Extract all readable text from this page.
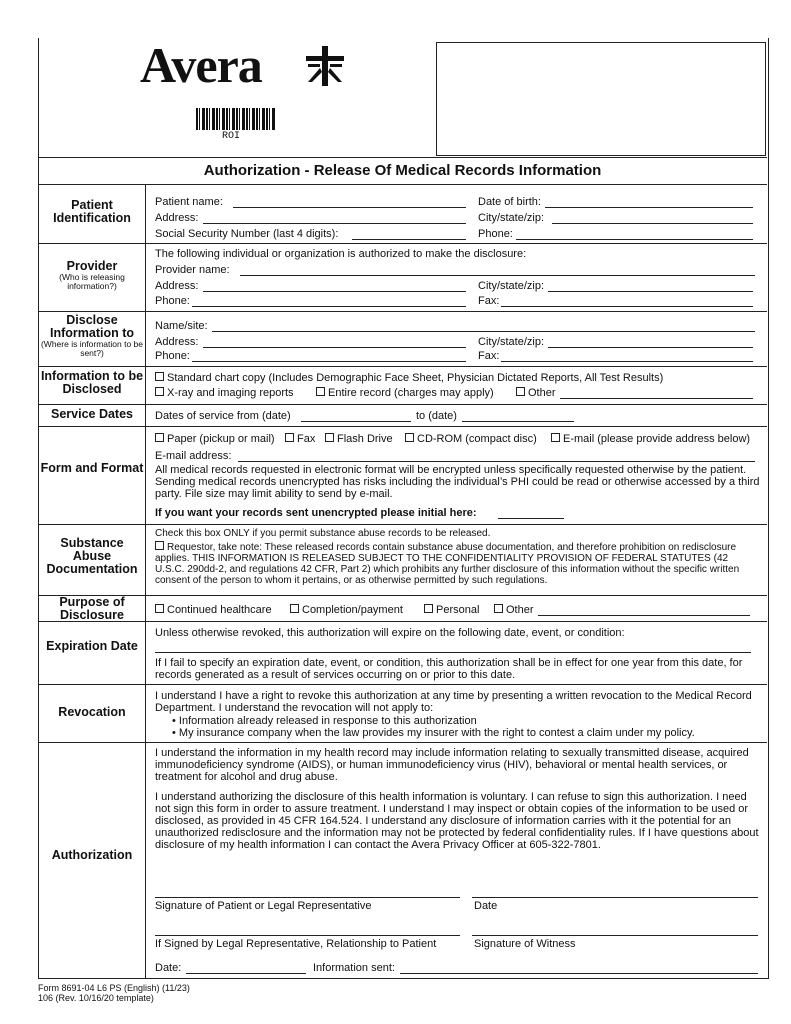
Avera
ROI
Authorization - Release Of Medical Records Information
Patient Identification
Patient name:	Date of birth:
Address:	City/state/zip:
Social Security Number (last 4 digits):	Phone:
Provider
(Who is releasing information?)
The following individual or organization is authorized to make the disclosure:
Provider name:
Address:	City/state/zip:
Phone:	Fax:
Disclose Information to
(Where is information to be sent?)
Name/site:
Address:	City/state/zip:
Phone:	Fax:
Information to be Disclosed
Standard chart copy (Includes Demographic Face Sheet, Physician Dictated Reports, All Test Results)
X-ray and imaging reports	Entire record (charges may apply)	Other
Service Dates	Dates of service from (date)	to (date)
Form and Format
Paper (pickup or mail)	Fax	Flash Drive	CD-ROM (compact disc)	E-mail (please provide address below)
E-mail address:
All medical records requested in electronic format will be encrypted unless specifically requested otherwise by the patient. Sending medical records unencrypted has risks including the individual’s PHI could be read or otherwise accessed by a third party. File size may limit ability to send by e-mail.
If you want your records sent unencrypted please initial here:
Substance Abuse Documentation
Check this box ONLY if you permit substance abuse records to be released.
Requestor, take note: These released records contain substance abuse documentation, and therefore prohibition on redisclosure applies. THIS INFORMATION IS RELEASED SUBJECT TO THE CONFIDENTIALITY PROVISION OF FEDERAL STATUTES (42 U.S.C. 290dd-2, and regulations 42 CFR, Part 2) which prohibits any further disclosure of this information without the specific written consent of the person to whom it pertains, or as otherwise permitted by such regulations.
Purpose of Disclosure	Continued healthcare	Completion/payment	Personal	Other
Expiration Date
Unless otherwise revoked, this authorization will expire on the following date, event, or condition:
If I fail to specify an expiration date, event, or condition, this authorization shall be in effect for one year from this date, for records generated as a result of services occurring on or prior to this date.
Revocation
I understand I have a right to revoke this authorization at any time by presenting a written revocation to the Medical Record Department. I understand the revocation will not apply to:
• Information already released in response to this authorization
• My insurance company when the law provides my insurer with the right to contest a claim under my policy.
Authorization
I understand the information in my health record may include information relating to sexually transmitted disease, acquired immunodeficiency syndrome (AIDS), or human immunodeficiency virus (HIV), behavioral or mental health services, or treatment for alcohol and drug abuse.
I understand authorizing the disclosure of this health information is voluntary. I can refuse to sign this authorization. I need not sign this form in order to assure treatment. I understand I may inspect or obtain copies of the information to be used or disclosed, as provided in 45 CFR 164.524. I understand any disclosure of information carries with it the potential for an unauthorized redisclosure and the information may not be protected by federal confidentiality rules. If I have questions about disclosure of my health information I can contact the Avera Privacy Officer at 605-322-7801.
Signature of Patient or Legal Representative	Date
If Signed by Legal Representative, Relationship to Patient	Signature of Witness
Date:	Information sent:
Form 8691-04 L6 PS (English) (11/23)
106 (Rev. 10/16/20 template)
